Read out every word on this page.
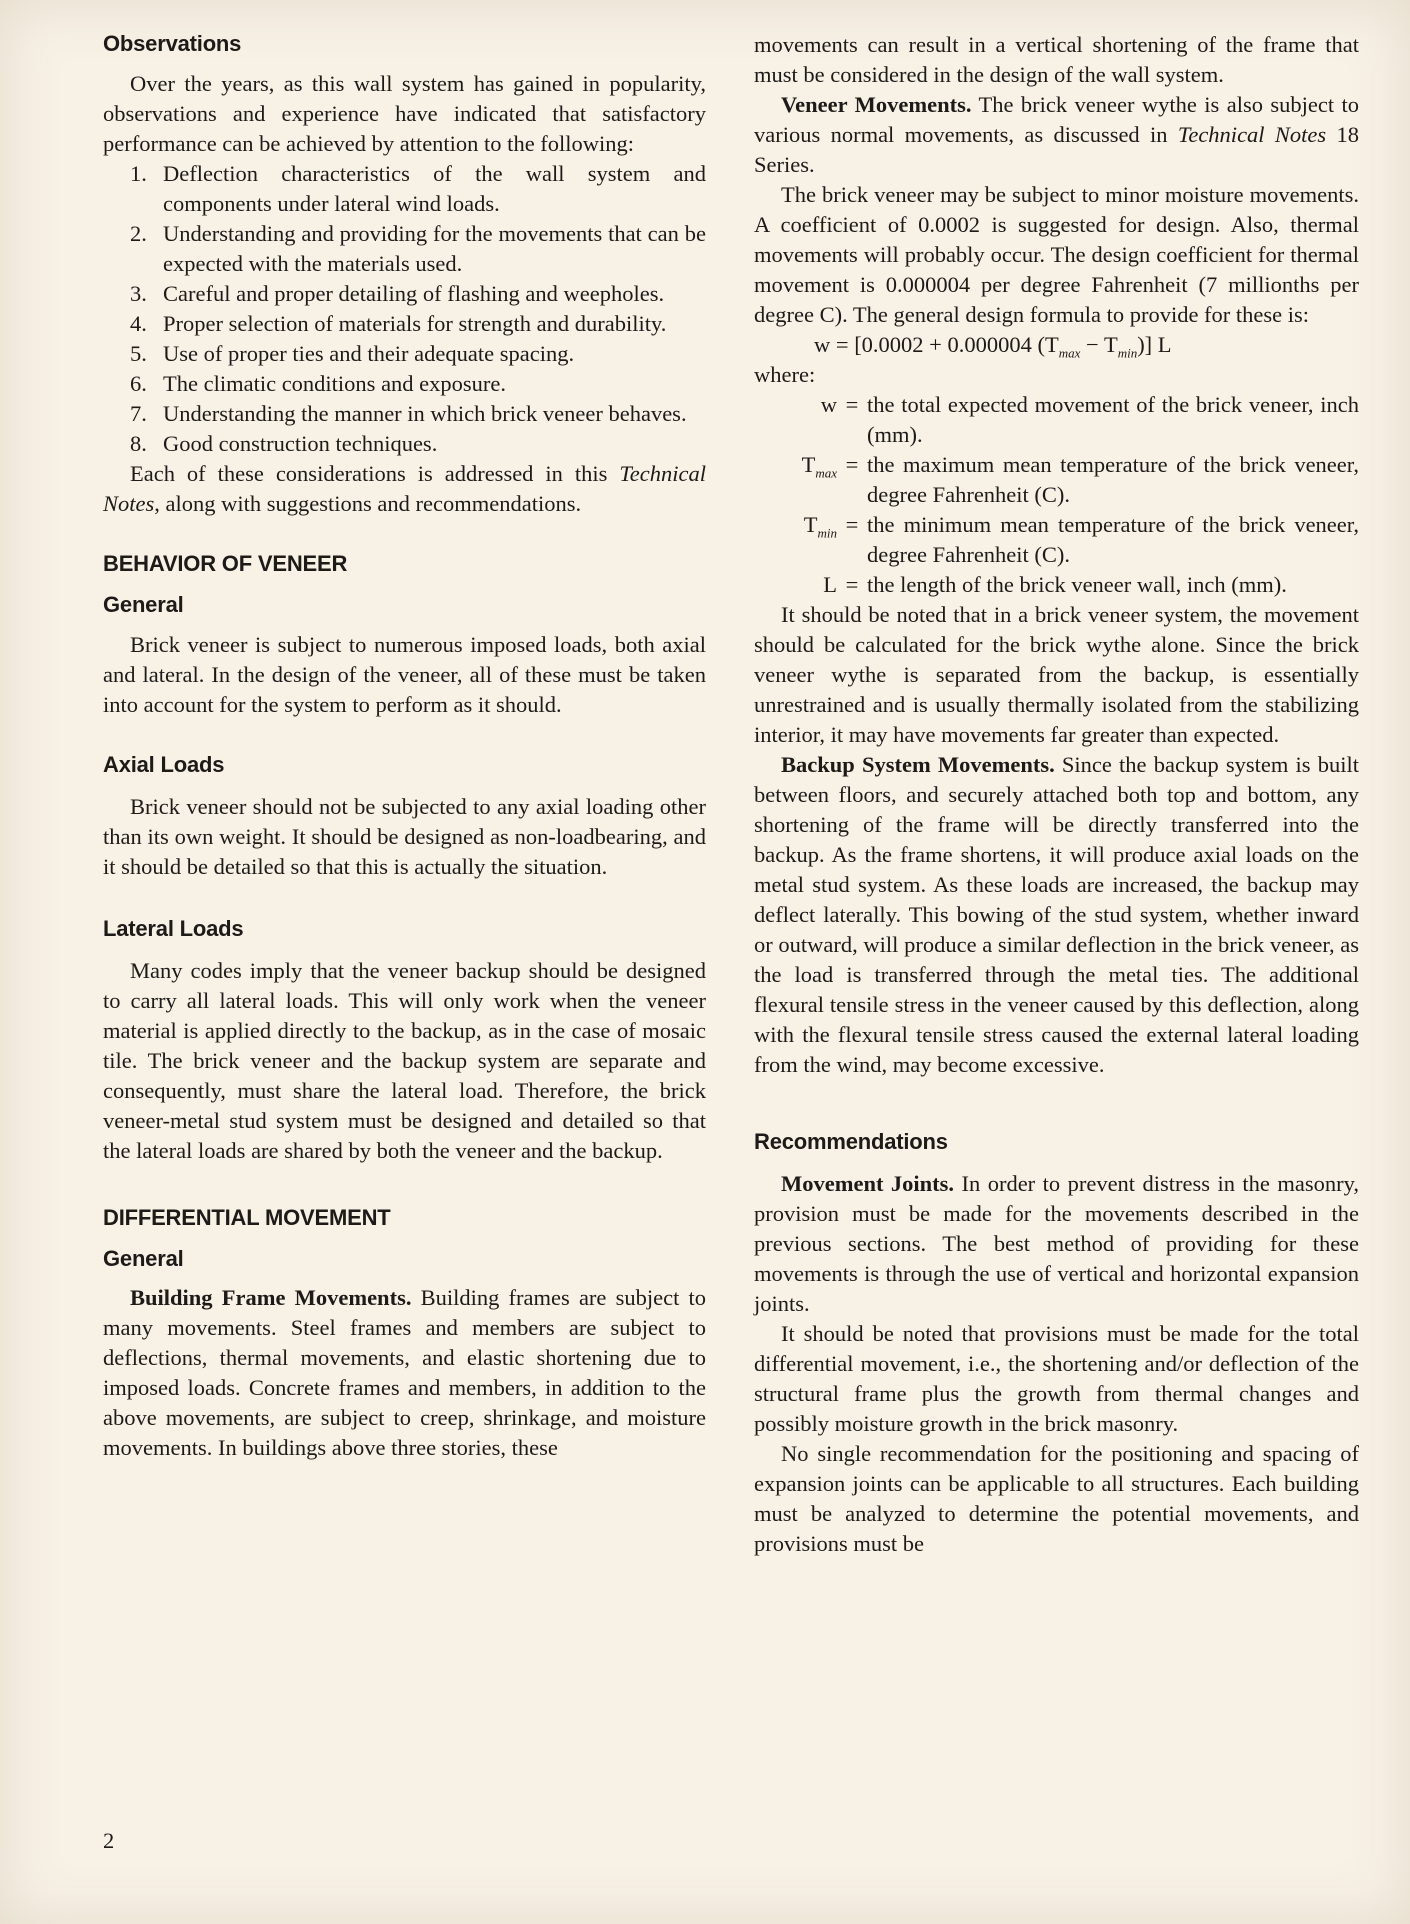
Observations

Over the years, as this wall system has gained in popularity, observations and experience have indicated that satisfactory performance can be achieved by attention to the following:

1. Deflection characteristics of the wall system and components under lateral wind loads.
2. Understanding and providing for the movements that can be expected with the materials used.
3. Careful and proper detailing of flashing and weepholes.
4. Proper selection of materials for strength and durability.
5. Use of proper ties and their adequate spacing.
6. The climatic conditions and exposure.
7. Understanding the manner in which brick veneer behaves.
8. Good construction techniques.

Each of these considerations is addressed in this Technical Notes, along with suggestions and recommendations.

BEHAVIOR OF VENEER
General

Brick veneer is subject to numerous imposed loads, both axial and lateral. In the design of the veneer, all of these must be taken into account for the system to perform as it should.

Axial Loads

Brick veneer should not be subjected to any axial loading other than its own weight. It should be designed as non-loadbearing, and it should be detailed so that this is actually the situation.

Lateral Loads

Many codes imply that the veneer backup should be designed to carry all lateral loads. This will only work when the veneer material is applied directly to the backup, as in the case of mosaic tile. The brick veneer and the backup system are separate and consequently, must share the lateral load. Therefore, the brick veneer-metal stud system must be designed and detailed so that the lateral loads are shared by both the veneer and the backup.

DIFFERENTIAL MOVEMENT
General

Building Frame Movements. Building frames are subject to many movements. Steel frames and members are subject to deflections, thermal movements, and elastic shortening due to imposed loads. Concrete frames and members, in addition to the above movements, are subject to creep, shrinkage, and moisture movements. In buildings above three stories, these

movements can result in a vertical shortening of the frame that must be considered in the design of the wall system.

Veneer Movements. The brick veneer wythe is also subject to various normal movements, as discussed in Technical Notes 18 Series.

The brick veneer may be subject to minor moisture movements. A coefficient of 0.0002 is suggested for design. Also, thermal movements will probably occur. The design coefficient for thermal movement is 0.000004 per degree Fahrenheit (7 millionths per degree C). The general design formula to provide for these is:

w = [0.0002 + 0.000004 $(T_{max} - T_{min})$] L

where:

w = the total expected movement of the brick veneer, inch (mm).
$T_{max}$ = the maximum mean temperature of the brick veneer, degree Fahrenheit (C).
$T_{min}$ = the minimum mean temperature of the brick veneer, degree Fahrenheit (C).
L = the length of the brick veneer wall, inch (mm).

It should be noted that in a brick veneer system, the movement should be calculated for the brick wythe alone. Since the brick veneer wythe is separated from the backup, is essentially unrestrained and is usually thermally isolated from the stabilizing interior, it may have movements far greater than expected.

Backup System Movements. Since the backup system is built between floors, and securely attached both top and bottom, any shortening of the frame will be directly transferred into the backup. As the frame shortens, it will produce axial loads on the metal stud system. As these loads are increased, the backup may deflect laterally. This bowing of the stud system, whether inward or outward, will produce a similar deflection in the brick veneer, as the load is transferred through the metal ties. The additional flexural tensile stress in the veneer caused by this deflection, along with the flexural tensile stress caused the external lateral loading from the wind, may become excessive.

Recommendations

Movement Joints. In order to prevent distress in the masonry, provision must be made for the movements described in the previous sections. The best method of providing for these movements is through the use of vertical and horizontal expansion joints.

It should be noted that provisions must be made for the total differential movement, i.e., the shortening and/or deflection of the structural frame plus the growth from thermal changes and possibly moisture growth in the brick masonry.

No single recommendation for the positioning and spacing of expansion joints can be applicable to all structures. Each building must be analyzed to determine the potential movements, and provisions must be

2
